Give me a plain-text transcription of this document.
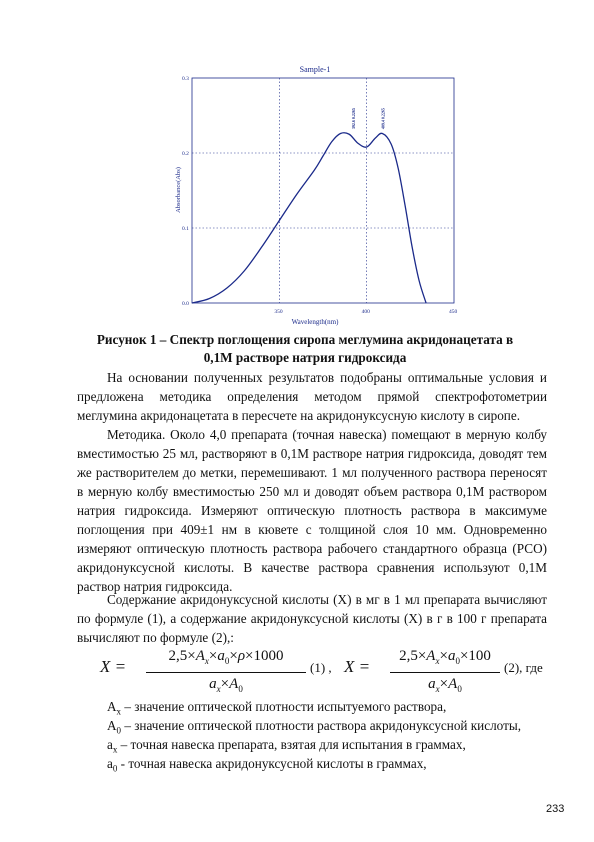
Sample-1
Absorbance(Abs)
Wavelength(nm)
0.3
0.2
0.1
0.0
350	400	450
392.6 0.2265	409.4 0.2265
Рисунок 1 – Спектр поглощения сиропа меглумина акридонацетата в
0,1М растворе натрия гидроксида

На основании полученных результатов подобраны оптимальные условия и предложена методика определения методом прямой спектрофотометрии меглумина акридонацетата в пересчете на акридонуксусную кислоту в сиропе.

Методика. Около 4,0 препарата (точная навеска) помещают в мерную колбу вместимостью 25 мл, растворяют в 0,1М растворе натрия гидроксида, доводят тем же растворителем до метки, перемешивают. 1 мл полученного раствора переносят в мерную колбу вместимостью 250 мл и доводят объем раствора 0,1М раствором натрия гидроксида. Измеряют оптическую плотность раствора в максимуме поглощения при 409±1 нм в кювете с толщиной слоя 10 мм. Одновременно измеряют оптическую плотность раствора рабочего стандартного образца (РСО) акридонуксусной кислоты. В качестве раствора сравнения используют 0,1М раствор натрия гидроксида.

Содержание акридонуксусной кислоты (Х) в мг в 1 мл препарата вычисляют по формуле (1), а содержание акридонуксусной кислоты (Х) в г в 100 г препарата вычисляют по формуле (2),:

X =
$2,5\times A_x\times a_0\times\rho\times 1000$
$a_x\times A_0$
(1) , X =
$2,5\times A_x\times a_0\times 100$
$a_x\times A_0$
(2), где
$А_х$ – значение оптической плотности испытуемого раствора,
$А_0$ – значение оптической плотности раствора акридонуксусной кислоты,
$а_х$ – точная навеска препарата, взятая для испытания в граммах,
$а_0$ - точная навеска акридонуксусной кислоты в граммах,
233
